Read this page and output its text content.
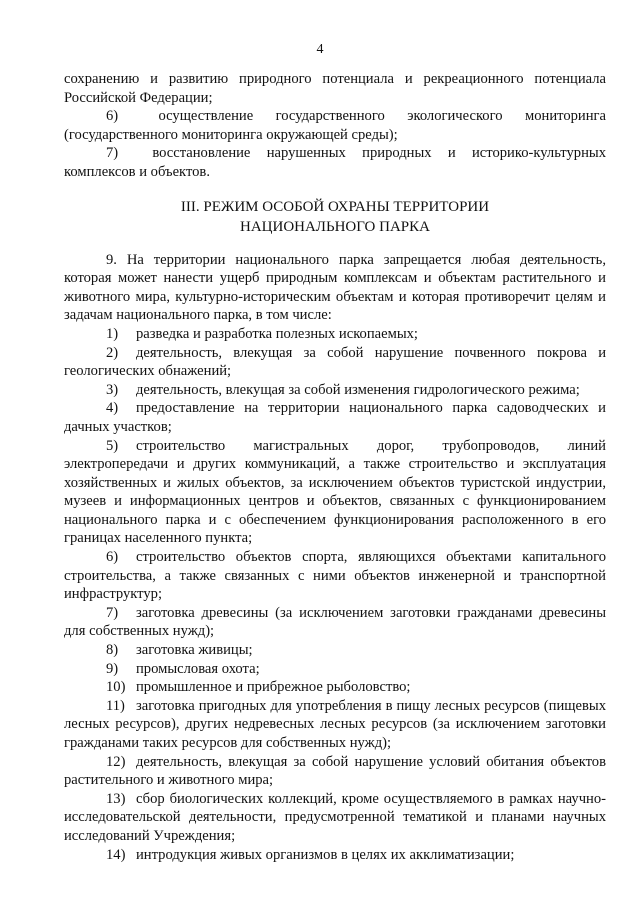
4

сохранению и развитию природного потенциала и рекреационного потенциала Российской Федерации;

6)	осуществление государственного экологического мониторинга (государственного мониторинга окружающей среды);

7) восстановление нарушенных природных и историко-культурных комплексов и объектов.

III. РЕЖИМ ОСОБОЙ ОХРАНЫ ТЕРРИТОРИИ
НАЦИОНАЛЬНОГО ПАРКА

9. На территории национального парка запрещается любая деятельность, которая может нанести ущерб природным комплексам и объектам растительного и животного мира, культурно-историческим объектам и которая противоречит целям и задачам национального парка, в том числе:

1) разведка и разработка полезных ископаемых;

2) деятельность, влекущая за собой нарушение почвенного покрова и геологических обнажений;

3) деятельность, влекущая за собой изменения гидрологического режима;

4) предоставление на территории национального парка садоводческих и дачных участков;

5) строительство магистральных дорог, трубопроводов, линий электропередачи и других коммуникаций, а также строительство и эксплуатация хозяйственных и жилых объектов, за исключением объектов туристской индустрии, музеев и информационных центров и объектов, связанных с функционированием национального парка и с обеспечением функционирования расположенного в его границах населенного пункта;

6) строительство объектов спорта, являющихся объектами капитального строительства, а также связанных с ними объектов инженерной и транспортной инфраструктур;

7) заготовка древесины (за исключением заготовки гражданами древесины для собственных нужд);

8) заготовка живицы;

9) промысловая охота;

10) промышленное и прибрежное рыболовство;

11) заготовка пригодных для употребления в пищу лесных ресурсов (пищевых лесных ресурсов), других недревесных лесных ресурсов (за исключением заготовки гражданами таких ресурсов для собственных нужд);

12) деятельность, влекущая за собой нарушение условий обитания объектов растительного и животного мира;

13) сбор биологических коллекций, кроме осуществляемого в рамках научно-исследовательской деятельности, предусмотренной тематикой и планами научных исследований Учреждения;

14) интродукция живых организмов в целях их акклиматизации;
